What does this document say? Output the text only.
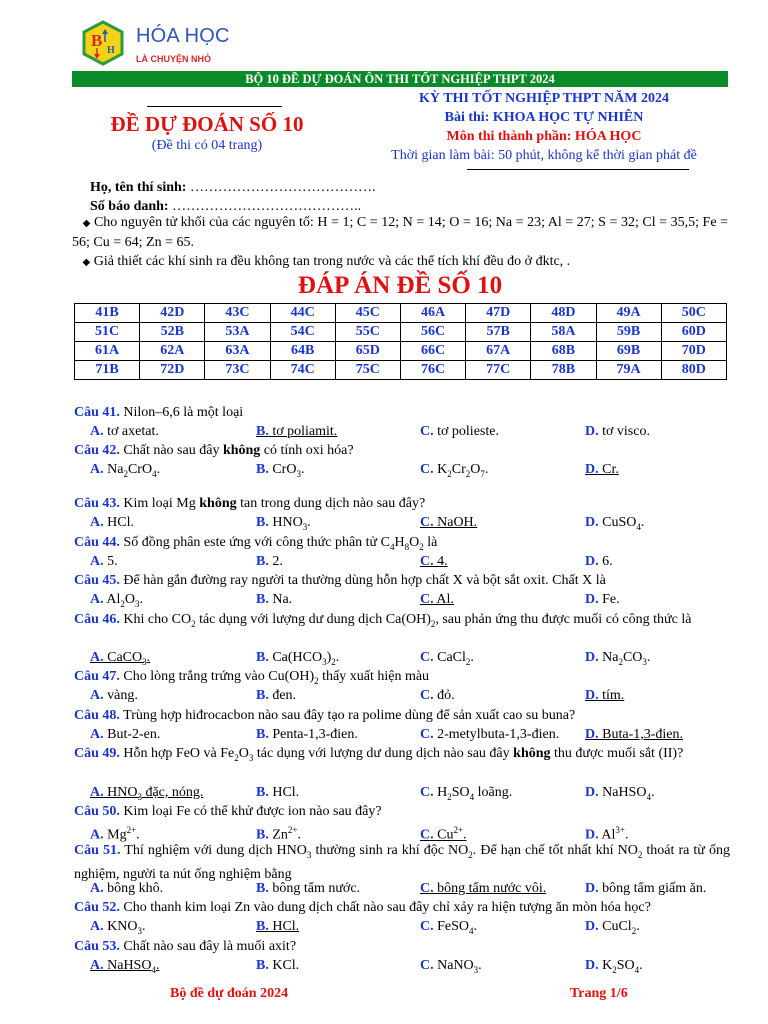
B
H
HÓA HỌC
LÀ CHUYỆN NHỎ
BỘ 10 ĐỀ DỰ ĐOÁN ÔN THI TỐT NGHIỆP THPT 2024
ĐỀ DỰ ĐOÁN SỐ 10
(Đề thi có 04 trang)
KỲ THI TỐT NGHIỆP THPT NĂM 2024
Bài thi: KHOA HỌC TỰ NHIÊN
Môn thi thành phần: HÓA HỌC
Thời gian làm bài: 50 phút, không kể thời gian phát đề
Họ, tên thí sinh: ………………………………….
Số báo danh: …………………………………..
◆ Cho nguyên tử khối của các nguyên tố: H = 1; C = 12; N = 14; O = 16; Na = 23; Al = 27; S = 32; Cl = 35,5; Fe = 56; Cu = 64; Zn = 65.
◆ Giả thiết các khí sinh ra đều không tan trong nước và các thể tích khí đều đo ở đktc, .
ĐÁP ÁN ĐỀ SỐ 10
41B	42D	43C	44C	45C	46A	47D	48D	49A	50C
51C	52B	53A	54C	55C	56C	57B	58A	59B	60D
61A	62A	63A	64B	65D	66C	67A	68B	69B	70D
71B	72D	73C	74C	75C	76C	77C	78B	79A	80D
Câu 41. Nilon–6,6 là một loại
A. tơ axetat.	B. tơ poliamit.	C. tơ polieste.	D. tơ visco.
Câu 42. Chất nào sau đây không có tính oxi hóa?
A. $Na_2CrO_4$.	B. CrO$_3$.	C. $K_2Cr_2O_7$.	D. Cr.
Câu 43. Kim loại Mg không tan trong dung dịch nào sau đây?
A. HCl.	B. $HNO_3$.	C. NaOH.	D. CuSO$_4$.
Câu 44. Số đồng phân este ứng với công thức phân tử $C_4H_8O_2$ là
A. 5.	B. 2.	C. 4.	D. 6.
Câu 45. Để hàn gắn đường ray người ta thường dùng hỗn hợp chất X và bột sắt oxit. Chất X là
A. $Al_2O_3$.	B. Na.	C. Al.	D. Fe.
Câu 46. Khi cho $CO_2$ tác dụng với lượng dư dung dịch $Ca(OH)_2$, sau phản ứng thu được muối có công thức là
A. CaCO$_3$.	B. $Ca(HCO_3)_2$.	C. CaCl$_2$.	D. $Na_2CO_3$.
Câu 47. Cho lòng trắng trứng vào $Cu(OH)_2$ thấy xuất hiện màu
A. vàng.	B. đen.	C. đỏ.	D. tím.
Câu 48. Trùng hợp hiđrocacbon nào sau đây tạo ra polime dùng để sản xuất cao su buna?
A. But-2-en.	B. Penta-1,3-đien.	C. 2-metylbuta-1,3-đien. D. Buta-1,3-đien.
Câu 49. Hỗn hợp FeO và $Fe_2O_3$ tác dụng với lượng dư dung dịch nào sau đây không thu được muối sắt (II)?
A. $HNO_3$ đặc, nóng.	B. HCl.	C. $H_2SO_4$ loãng.	D. NaHSO$_4$.
Câu 50. Kim loại Fe có thể khử được ion nào sau đây?
A. $Mg^{2+}$.	B. $Zn^{2+}$.	C. $Cu^{2+}$.	D. $Al^{3+}$.
Câu 51. Thí nghiệm với dung dịch $HNO_3$ thường sinh ra khí độc $NO_2$. Để hạn chế tốt nhất khí $NO_2$ thoát ra từ ống nghiệm, người ta nút ống nghiệm bằng
A. bông khô.	B. bông tẩm nước.	C. bông tẩm nước vôi.	D. bông tẩm giấm ăn.
Câu 52. Cho thanh kim loại Zn vào dung dịch chất nào sau đây chỉ xảy ra hiện tượng ăn mòn hóa học?
A. $KNO_3$.	B. HCl.	C. FeSO$_4$.	D. CuCl$_2$.
Câu 53. Chất nào sau đây là muối axit?
A. NaHSO$_4$.	B. KCl.	C. NaNO$_3$.	D. $K_2SO_4$.
Bộ đề dự đoán 2024	Trang 1/6
